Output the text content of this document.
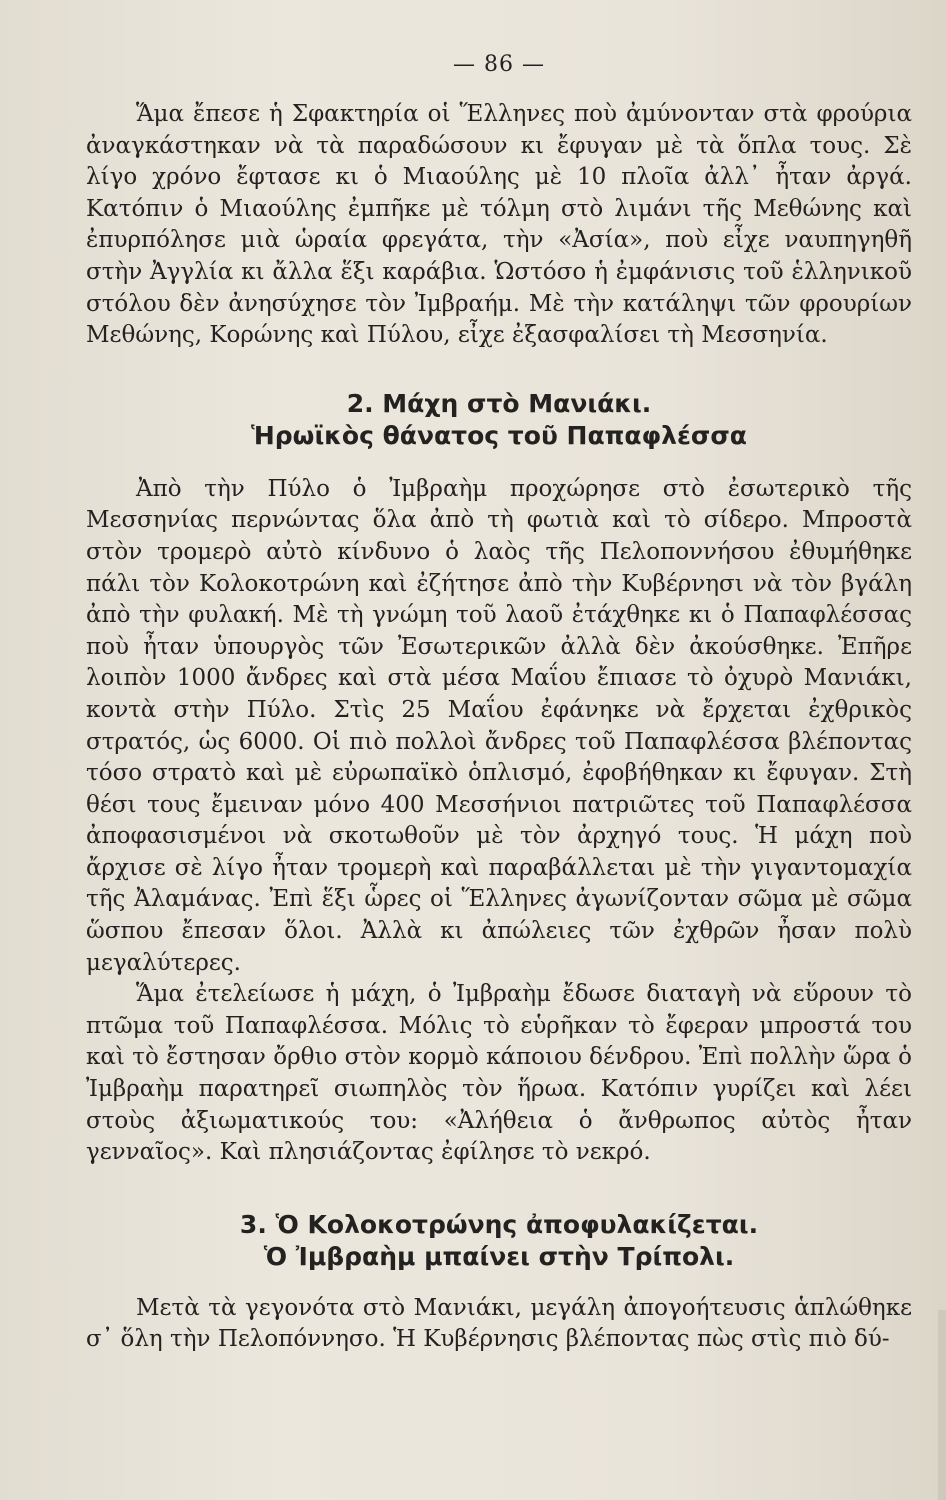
— 86 —

Ἅμα ἔπεσε ἡ Σφακτηρία οἱ Ἕλληνες ποὺ ἀμύνονταν στὰ φρούρια ἀναγκάστηκαν νὰ τὰ παραδώσουν κι ἔφυγαν μὲ τὰ ὅπλα τους. Σὲ λίγο χρόνο ἔφτασε κι ὁ Μιαούλης μὲ 10 πλοῖα ἀλλ᾽ ἦταν ἀργά. Κατόπιν ὁ Μιαούλης ἐμπῆκε μὲ τόλμη στὸ λιμάνι τῆς Μεθώνης καὶ ἐπυρπόλησε μιὰ ὡραία φρεγάτα, τὴν «Ἀσία», ποὺ εἶχε ναυπηγηθῆ στὴν Ἀγγλία κι ἄλλα ἕξι καράβια. Ὡστόσο ἡ ἐμφάνισις τοῦ ἑλληνικοῦ στόλου δὲν ἀνησύχησε τὸν Ἰμβραήμ. Μὲ τὴν κατάληψι τῶν φρουρίων Μεθώνης, Κορώνης καὶ Πύλου, εἶχε ἐξασφαλίσει τὴ Μεσσηνία.

2. Μάχη στὸ Μανιάκι.

Ἡρωϊκὸς θάνατος τοῦ Παπαφλέσσα

Ἀπὸ τὴν Πύλο ὁ Ἰμβραὴμ προχώρησε στὸ ἐσωτερικὸ τῆς Μεσσηνίας περνώντας ὅλα ἀπὸ τὴ φωτιὰ καὶ τὸ σίδερο. Μπροστὰ στὸν τρομερὸ αὐτὸ κίνδυνο ὁ λαὸς τῆς Πελοποννήσου ἐθυμήθηκε πάλι τὸν Κολοκοτρώνη καὶ ἐζήτησε ἀπὸ τὴν Κυβέρνησι νὰ τὸν βγάλη ἀπὸ τὴν φυλακή. Μὲ τὴ γνώμη τοῦ λαοῦ ἐτάχθηκε κι ὁ Παπαφλέσσας ποὺ ἦταν ὑπουργὸς τῶν Ἐσωτερικῶν ἀλλὰ δὲν ἀκούσθηκε. Ἐπῆρε λοιπὸν 1000 ἄνδρες καὶ στὰ μέσα Μαΐου ἔπιασε τὸ ὀχυρὸ Μανιάκι, κοντὰ στὴν Πύλο. Στὶς 25 Μαΐου ἐφάνηκε νὰ ἔρχεται ἐχθρικὸς στρατός, ὡς 6000. Οἱ πιὸ πολλοὶ ἄνδρες τοῦ Παπαφλέσσα βλέποντας τόσο στρατὸ καὶ μὲ εὐρωπαϊκὸ ὁπλισμό, ἐφοβήθηκαν κι ἔφυγαν. Στὴ θέσι τους ἔμειναν μόνο 400 Μεσσήνιοι πατριῶτες τοῦ Παπαφλέσσα ἀποφασισμένοι νὰ σκοτωθοῦν μὲ τὸν ἀρχηγό τους. Ἡ μάχη ποὺ ἄρχισε σὲ λίγο ἦταν τρομερὴ καὶ παραβάλλεται μὲ τὴν γιγαντομαχία τῆς Ἀλαμάνας. Ἐπὶ ἕξι ὧρες οἱ Ἕλληνες ἀγωνίζονταν σῶμα μὲ σῶμα ὥσπου ἔπεσαν ὅλοι. Ἀλλὰ κι ἀπώλειες τῶν ἐχθρῶν ἦσαν πολὺ μεγαλύτερες.

Ἅμα ἐτελείωσε ἡ μάχη, ὁ Ἰμβραὴμ ἔδωσε διαταγὴ νὰ εὕρουν τὸ πτῶμα τοῦ Παπαφλέσσα. Μόλις τὸ εὑρῆκαν τὸ ἔφεραν μπροστά του καὶ τὸ ἔστησαν ὄρθιο στὸν κορμὸ κάποιου δένδρου. Ἐπὶ πολλὴν ὥρα ὁ Ἰμβραὴμ παρατηρεῖ σιωπηλὸς τὸν ἥρωα. Κατόπιν γυρίζει καὶ λέει στοὺς ἀξιωματικούς του: «Ἀλήθεια ὁ ἄνθρωπος αὐτὸς ἦταν γενναῖος». Καὶ πλησιάζοντας ἐφίλησε τὸ νεκρό.

3. Ὁ Κολοκοτρώνης ἀποφυλακίζεται.

Ὁ Ἰμβραὴμ μπαίνει στὴν Τρίπολι.

Μετὰ τὰ γεγονότα στὸ Μανιάκι, μεγάλη ἀπογοήτευσις ἁπλώθηκε σ᾽ ὅλη τὴν Πελοπόννησο. Ἡ Κυβέρνησις βλέποντας πὼς στὶς πιὸ δύ-
